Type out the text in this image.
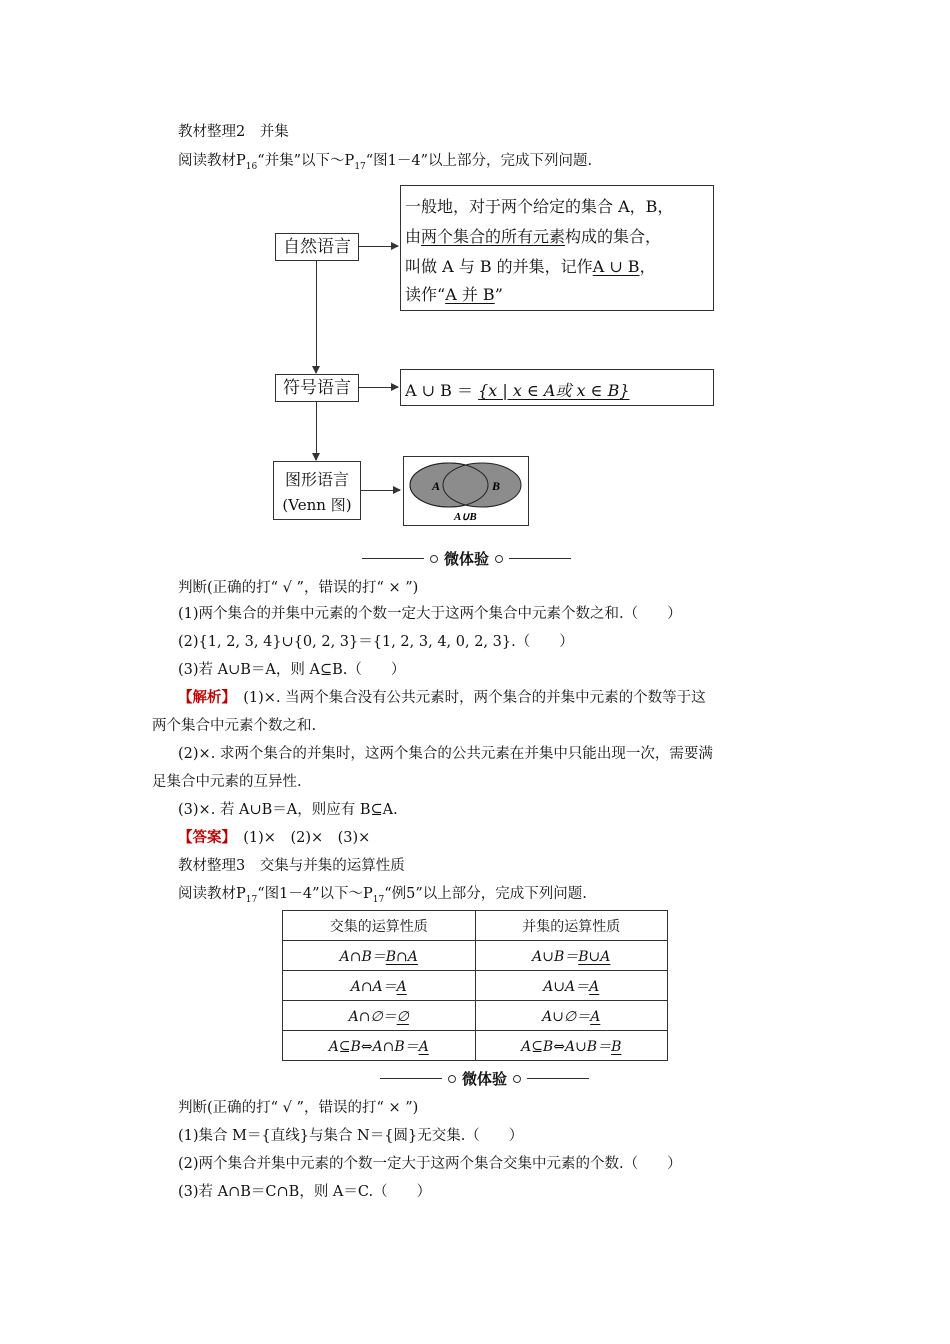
教材整理2　并集
阅读教材$P_{16}“$并集”以下$\sim P_{17}“$图1－4”以上部分，完成下列问题.
自然语言
一般地，对于两个给定的集合 A，B，
由两个集合的所有元素构成的集合，
叫做 A 与 B 的并集，记作A ∪ B，
读作“A 并 B”
符号语言	A ∪ B ＝ {x | x ∈ A或 x ∈ B}
图形语言
(Venn 图)
A	B
A∪B
微体验
判断(正确的打“ √ ”，错误的打“ × ”)
(1)两个集合的并集中元素的个数一定大于这两个集合中元素个数之和.（　　）
(2){1, 2, 3, 4}∪{0, 2, 3}＝{1, 2, 3, 4, 0, 2, 3}.（　　）
(3)若 A∪B＝A，则 A⊆B.（　　）
【解析】　 (1)×. 当两个集合没有公共元素时，两个集合的并集中元素的个数等于这
两个集合中元素个数之和.
(2)×. 求两个集合的并集时，这两个集合的公共元素在并集中只能出现一次，需要满
足集合中元素的互异性.
(3)×. 若 A∪B＝A，则应有 B⊆A.
【答案】　 (1)×　(2)×　(3)×
教材整理3　交集与并集的运算性质
阅读教材$P_{17}“$图1－4”以下$\sim P_{17}“$例5”以上部分，完成下列问题.
交集的运算性质	并集的运算性质
A∩B＝B∩A	A∪B＝B∪A
A∩A＝A	A∪A＝A
A∩∅＝∅	A∪∅＝A
A⊆B⇔A∩B＝A	A⊆B⇔A∪B＝B
微体验
判断(正确的打“ √ ”，错误的打“ × ”)
(1)集合 M＝{直线}与集合 N＝{圆}无交集.（　　）
(2)两个集合并集中元素的个数一定大于这两个集合交集中元素的个数.（　　）
(3)若 A∩B＝C∩B，则 A＝C.（　　）
